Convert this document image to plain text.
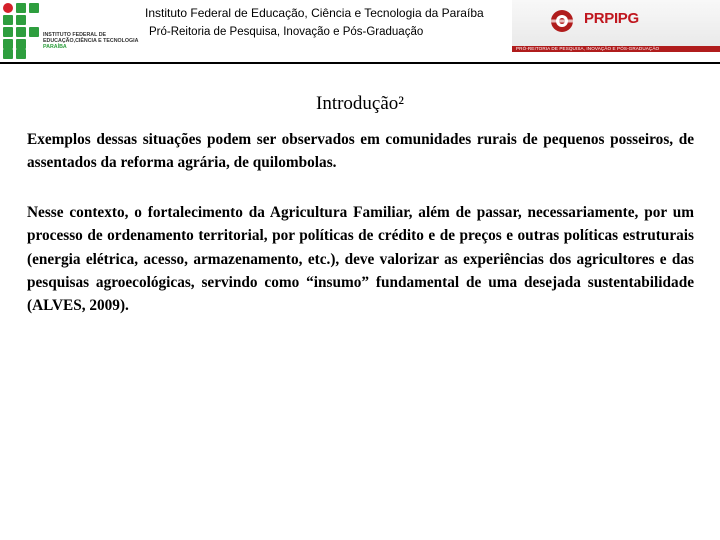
INSTITUTO FEDERAL DE
EDUCAÇÃO,CIÊNCIA E TECNOLOGIA
PARAÍBA
Instituto Federal de Educação, Ciência e Tecnologia da Paraíba
Pró-Reitoria de Pesquisa, Inovação e Pós-Graduação
PRPIPG
PRÓ-REITORIA DE PESQUISA, INOVAÇÃO E PÓS-GRADUAÇÃO
Introdução²

Exemplos dessas situações podem ser observados em comunidades rurais de pequenos posseiros, de assentados da reforma agrária, de quilombolas.

Nesse contexto, o fortalecimento da Agricultura Familiar, além de passar, necessariamente, por um processo de ordenamento territorial, por políticas de crédito e de preços e outras políticas estruturais (energia elétrica, acesso, armazenamento, etc.), deve valorizar as experiências dos agricultores e das pesquisas agroecológicas, servindo como “insumo” fundamental de uma desejada sustentabilidade (ALVES, 2009).
